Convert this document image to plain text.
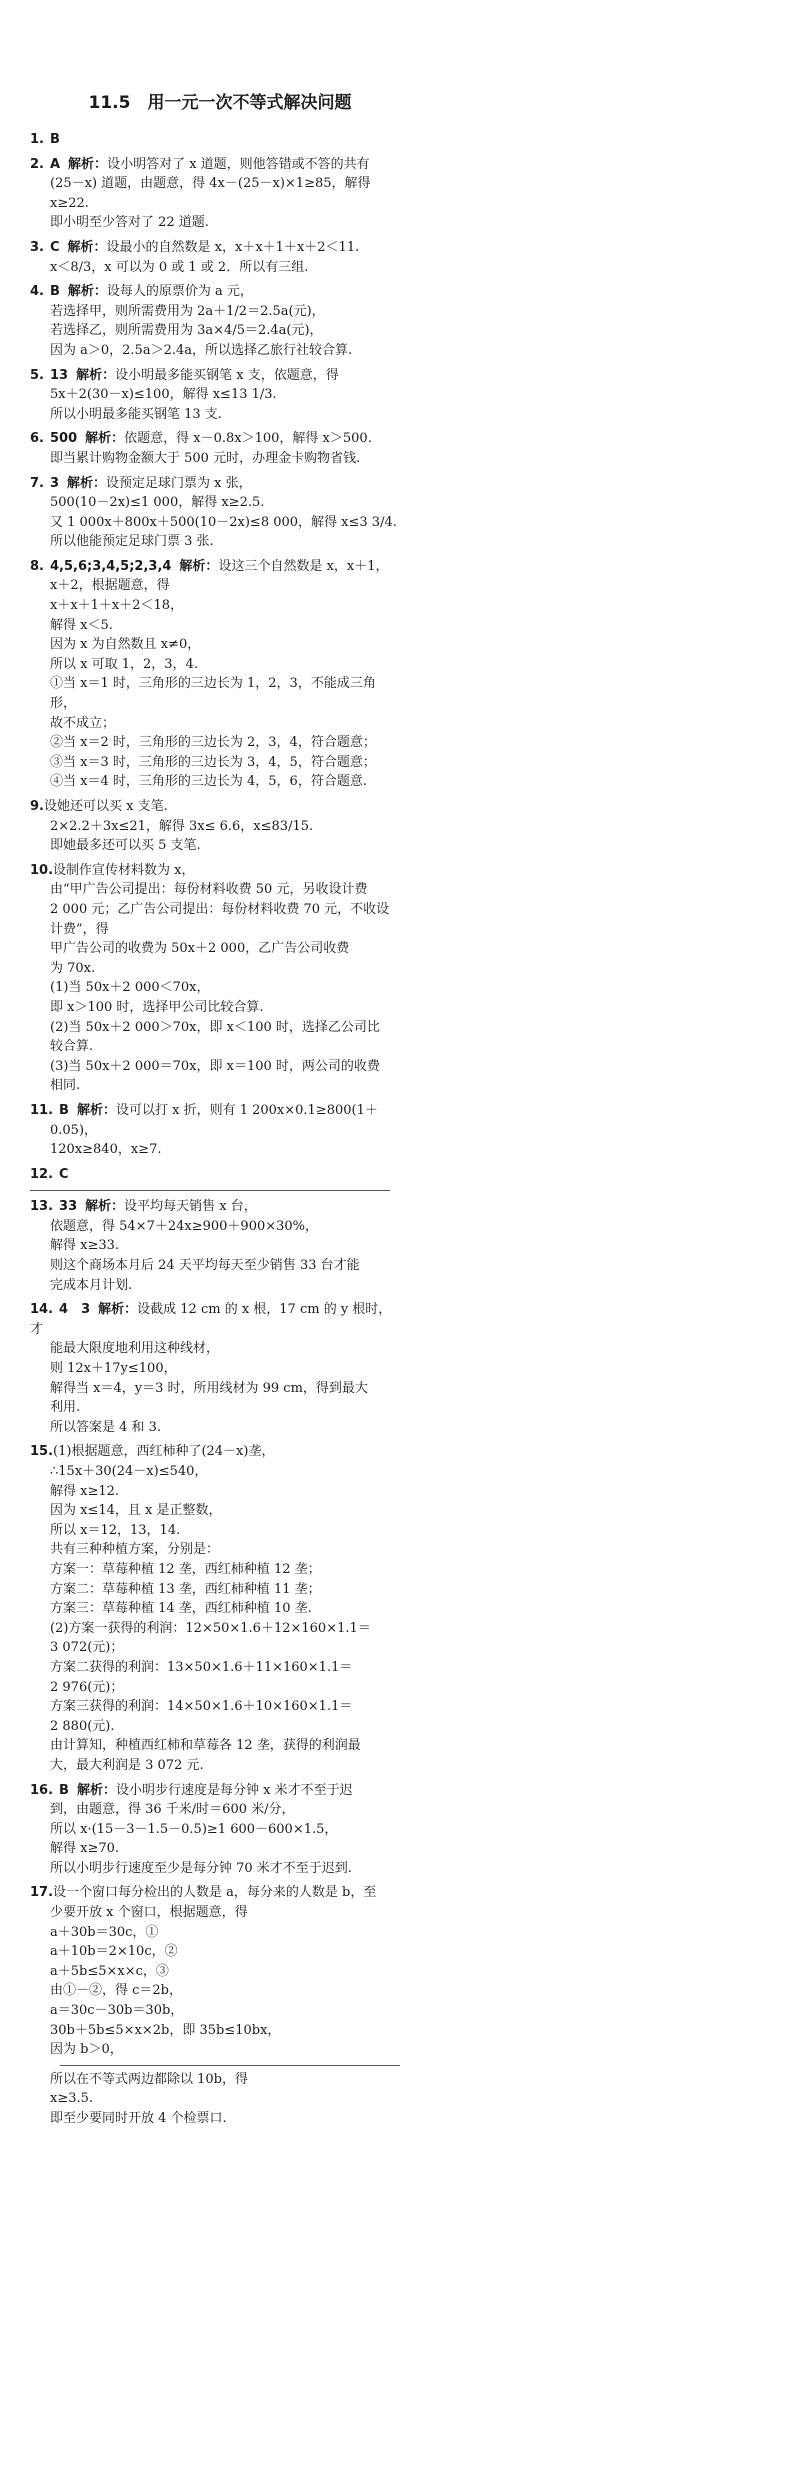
11.5　用一元一次不等式解决问题

1. B

2. A 解析：设小明答对了 x 道题，则他答错或不答的共有

(25－x) 道题，由题意，得 4x－(25－x)×1≥85，解得

x≥22.

即小明至少答对了 22 道题.

3. C 解析：设最小的自然数是 x，x＋x＋1＋x＋2＜11.

x＜8/3，x 可以为 0 或 1 或 2．所以有三组.

4. B 解析：设每人的原票价为 a 元，

若选择甲，则所需费用为 2a＋1/2＝2.5a(元)，

若选择乙，则所需费用为 3a×4/5＝2.4a(元)，

因为 a＞0，2.5a＞2.4a，所以选择乙旅行社较合算.

5. 13 解析：设小明最多能买钢笔 x 支，依题意，得

5x＋2(30－x)≤100，解得 x≤13 1/3.

所以小明最多能买钢笔 13 支.

6. 500 解析：依题意，得 x－0.8x＞100，解得 x＞500.

即当累计购物金额大于 500 元时，办理金卡购物省钱.

7. 3 解析：设预定足球门票为 x 张，

500(10－2x)≤1 000，解得 x≥2.5.

又 1 000x＋800x＋500(10－2x)≤8 000，解得 x≤3 3/4.

所以他能预定足球门票 3 张.

8. 4,5,6;3,4,5;2,3,4 解析：设这三个自然数是 x，x＋1，

x＋2，根据题意，得

x＋x＋1＋x＋2＜18，

解得 x＜5.

因为 x 为自然数且 x≠0，

所以 x 可取 1，2，3，4.

①当 x＝1 时，三角形的三边长为 1，2，3，不能成三角形，

故不成立；

②当 x＝2 时，三角形的三边长为 2，3，4，符合题意；

③当 x＝3 时，三角形的三边长为 3，4，5，符合题意；

④当 x＝4 时，三角形的三边长为 4，5，6，符合题意.

9.设她还可以买 x 支笔.

2×2.2＋3x≤21，解得 3x≤ 6.6，x≤83/15.

即她最多还可以买 5 支笔.

10.设制作宣传材料数为 x，

由“甲广告公司提出：每份材料收费 50 元，另收设计费

2 000 元；乙广告公司提出：每份材料收费 70 元，不收设

计费”，得

甲广告公司的收费为 50x＋2 000，乙广告公司收费

为 70x.

(1)当 50x＋2 000＜70x，

即 x＞100 时，选择甲公司比较合算.

(2)当 50x＋2 000＞70x，即 x＜100 时，选择乙公司比

较合算.

(3)当 50x＋2 000＝70x，即 x＝100 时，两公司的收费

相同.

11. B 解析：设可以打 x 折，则有 1 200x×0.1≥800(1＋

0.05)，

120x≥840，x≥7.

12. C

13. 33 解析：设平均每天销售 x 台，

依题意，得 54×7＋24x≥900＋900×30%，

解得 x≥33.

则这个商场本月后 24 天平均每天至少销售 33 台才能

完成本月计划.

14. 4　3 解析：设截成 12 cm 的 x 根，17 cm 的 y 根时，才

能最大限度地利用这种线材，

则 12x＋17y≤100，

解得当 x＝4，y＝3 时，所用线材为 99 cm，得到最大

利用.

所以答案是 4 和 3.

15.(1)根据题意，西红柿种了(24－x)垄，

∴15x＋30(24－x)≤540，

解得 x≥12.

因为 x≤14，且 x 是正整数，

所以 x＝12，13，14.

共有三种种植方案，分别是：

方案一：草莓种植 12 垄，西红柿种植 12 垄；

方案二：草莓种植 13 垄，西红柿种植 11 垄；

方案三：草莓种植 14 垄，西红柿种植 10 垄.

(2)方案一获得的利润：12×50×1.6＋12×160×1.1＝

3 072(元)；

方案二获得的利润：13×50×1.6＋11×160×1.1＝

2 976(元)；

方案三获得的利润：14×50×1.6＋10×160×1.1＝

2 880(元).

由计算知，种植西红柿和草莓各 12 垄，获得的利润最

大，最大利润是 3 072 元.

16. B 解析：设小明步行速度是每分钟 x 米才不至于迟

到，由题意，得 36 千米/时＝600 米/分，

所以 x·(15－3－1.5－0.5)≥1 600－600×1.5，

解得 x≥70.

所以小明步行速度至少是每分钟 70 米才不至于迟到.

17.设一个窗口每分检出的人数是 a，每分来的人数是 b，至

少要开放 x 个窗口，根据题意，得

a＋30b＝30c，①

a＋10b＝2×10c，②

a＋5b≤5×x×c，③

由①－②，得 c＝2b，

a＝30c－30b＝30b，

30b＋5b≤5×x×2b，即 35b≤10bx，

因为 b＞0，

所以在不等式两边都除以 10b，得

x≥3.5.

即至少要同时开放 4 个检票口.
